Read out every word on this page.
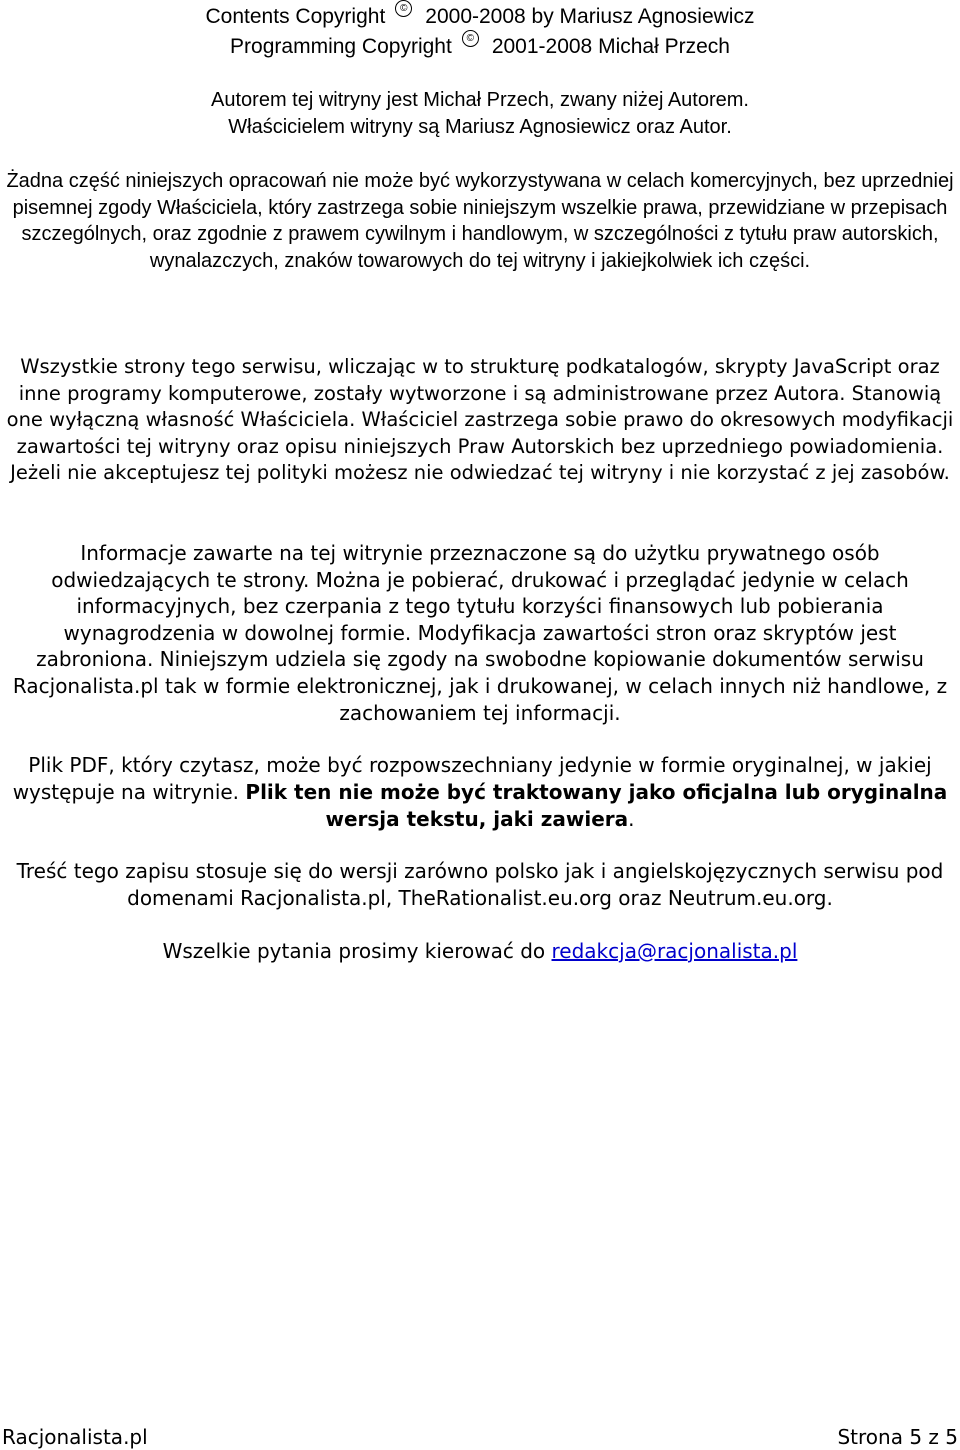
Contents Copyright © 2000-2008 by Mariusz Agnosiewicz
Programming Copyright © 2001-2008 Michał Przech
Autorem tej witryny jest Michał Przech, zwany niżej Autorem.
Właścicielem witryny są Mariusz Agnosiewicz oraz Autor.
Żadna część niniejszych opracowań nie może być wykorzystywana w celach komercyjnych, bez uprzedniej pisemnej zgody Właściciela, który zastrzega sobie niniejszym wszelkie prawa, przewidziane w przepisach szczególnych, oraz zgodnie z prawem cywilnym i handlowym, w szczególności z tytułu praw autorskich, wynalazczych, znaków towarowych do tej witryny i jakiejkolwiek ich części.
Wszystkie strony tego serwisu, wliczając w to strukturę podkatalogów, skrypty JavaScript oraz inne programy komputerowe, zostały wytworzone i są administrowane przez Autora. Stanowią one wyłączną własność Właściciela. Właściciel zastrzega sobie prawo do okresowych modyfikacji zawartości tej witryny oraz opisu niniejszych Praw Autorskich bez uprzedniego powiadomienia. Jeżeli nie akceptujesz tej polityki możesz nie odwiedzać tej witryny i nie korzystać z jej zasobów.
Informacje zawarte na tej witrynie przeznaczone są do użytku prywatnego osób odwiedzających te strony. Można je pobierać, drukować i przeglądać jedynie w celach informacyjnych, bez czerpania z tego tytułu korzyści finansowych lub pobierania wynagrodzenia w dowolnej formie. Modyfikacja zawartości stron oraz skryptów jest zabroniona. Niniejszym udziela się zgody na swobodne kopiowanie dokumentów serwisu Racjonalista.pl tak w formie elektronicznej, jak i drukowanej, w celach innych niż handlowe, z zachowaniem tej informacji.
Plik PDF, który czytasz, może być rozpowszechniany jedynie w formie oryginalnej, w jakiej występuje na witrynie. Plik ten nie może być traktowany jako oficjalna lub oryginalna wersja tekstu, jaki zawiera.
Treść tego zapisu stosuje się do wersji zarówno polsko jak i angielskojęzycznych serwisu pod domenami Racjonalista.pl, TheRationalist.eu.org oraz Neutrum.eu.org.
Wszelkie pytania prosimy kierować do redakcja@racjonalista.pl
Racjonalista.pl	Strona 5 z 5
